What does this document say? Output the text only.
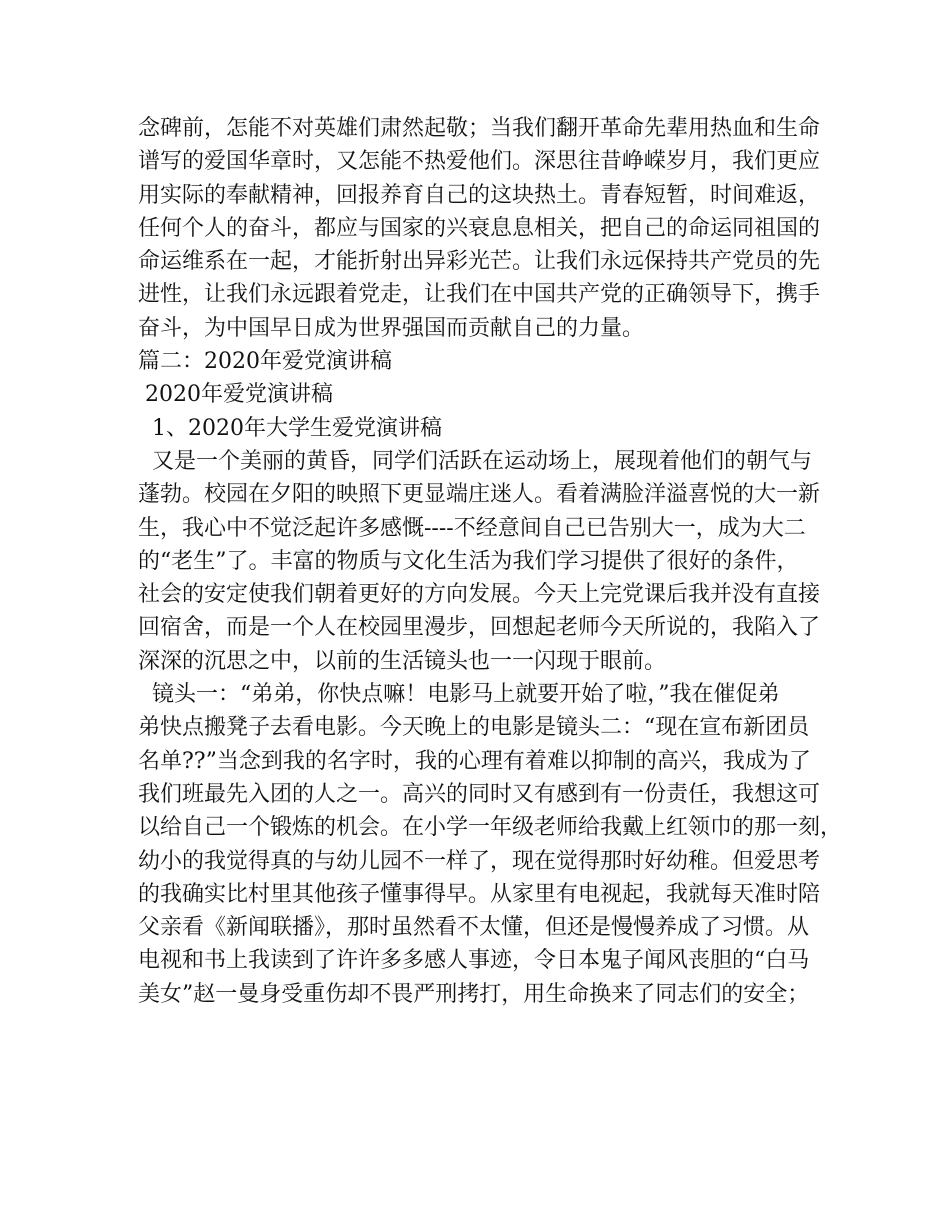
念碑前，怎能不对英雄们肃然起敬；当我们翻开革命先辈用热血和生命
谱写的爱国华章时，又怎能不热爱他们。深思往昔峥嵘岁月，我们更应
用实际的奉献精神，回报养育自己的这块热土。青春短暂，时间难返，
任何个人的奋斗，都应与国家的兴衰息息相关，把自己的命运同祖国的
命运维系在一起，才能折射出异彩光芒。让我们永远保持共产党员的先
进性，让我们永远跟着党走，让我们在中国共产党的正确领导下，携手
奋斗，为中国早日成为世界强国而贡献自己的力量。
篇二：2020年爱党演讲稿
2020年爱党演讲稿
1、2020年大学生爱党演讲稿
又是一个美丽的黄昏，同学们活跃在运动场上，展现着他们的朝气与
蓬勃。校园在夕阳的映照下更显端庄迷人。看着满脸洋溢喜悦的大一新
生，我心中不觉泛起许多感慨----不经意间自己已告别大一，成为大二
的“老生”了。丰富的物质与文化生活为我们学习提供了很好的条件，
社会的安定使我们朝着更好的方向发展。今天上完党课后我并没有直接
回宿舍，而是一个人在校园里漫步，回想起老师今天所说的，我陷入了
深深的沉思之中，以前的生活镜头也一一闪现于眼前。
镜头一：“弟弟，你快点嘛！电影马上就要开始了啦，”我在催促弟
弟快点搬凳子去看电影。今天晚上的电影是镜头二：“现在宣布新团员
名单??”当念到我的名字时，我的心理有着难以抑制的高兴，我成为了
我们班最先入团的人之一。高兴的同时又有感到有一份责任，我想这可
以给自己一个锻炼的机会。在小学一年级老师给我戴上红领巾的那一刻，
幼小的我觉得真的与幼儿园不一样了，现在觉得那时好幼稚。但爱思考
的我确实比村里其他孩子懂事得早。从家里有电视起，我就每天准时陪
父亲看《新闻联播》，那时虽然看不太懂，但还是慢慢养成了习惯。从
电视和书上我读到了许许多多感人事迹，令日本鬼子闻风丧胆的“白马
美女”赵一曼身受重伤却不畏严刑拷打，用生命换来了同志们的安全；
